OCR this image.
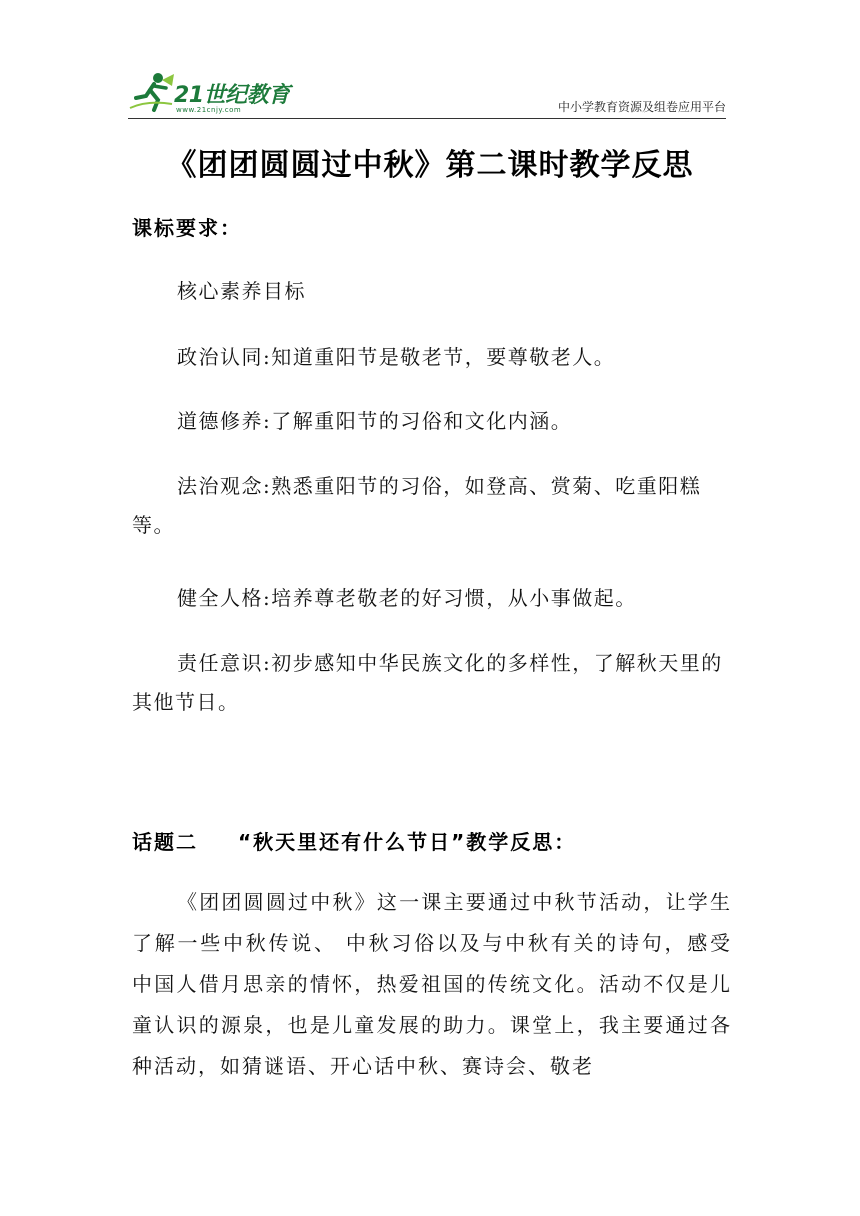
21世纪教育
www.21cnjy.com	中小学教育资源及组卷应用平台
《团团圆圆过中秋》第二课时教学反思
课标要求：

核心素养目标

政治认同:知道重阳节是敬老节，要尊敬老人。

道德修养:了解重阳节的习俗和文化内涵。

法治观念:熟悉重阳节的习俗，如登高、赏菊、吃重阳糕等。

健全人格:培养尊老敬老的好习惯，从小事做起。

责任意识:初步感知中华民族文化的多样性，了解秋天里的其他节日。

话题二 “秋天里还有什么节日”教学反思：

《团团圆圆过中秋》这一课主要通过中秋节活动，让学生了解一些中秋传说、 中秋习俗以及与中秋有关的诗句，感受中国人借月思亲的情怀，热爱祖国的传统文化。活动不仅是儿童认识的源泉，也是儿童发展的助力。课堂上，我主要通过各种活动，如猜谜语、开心话中秋、赛诗会、敬老
